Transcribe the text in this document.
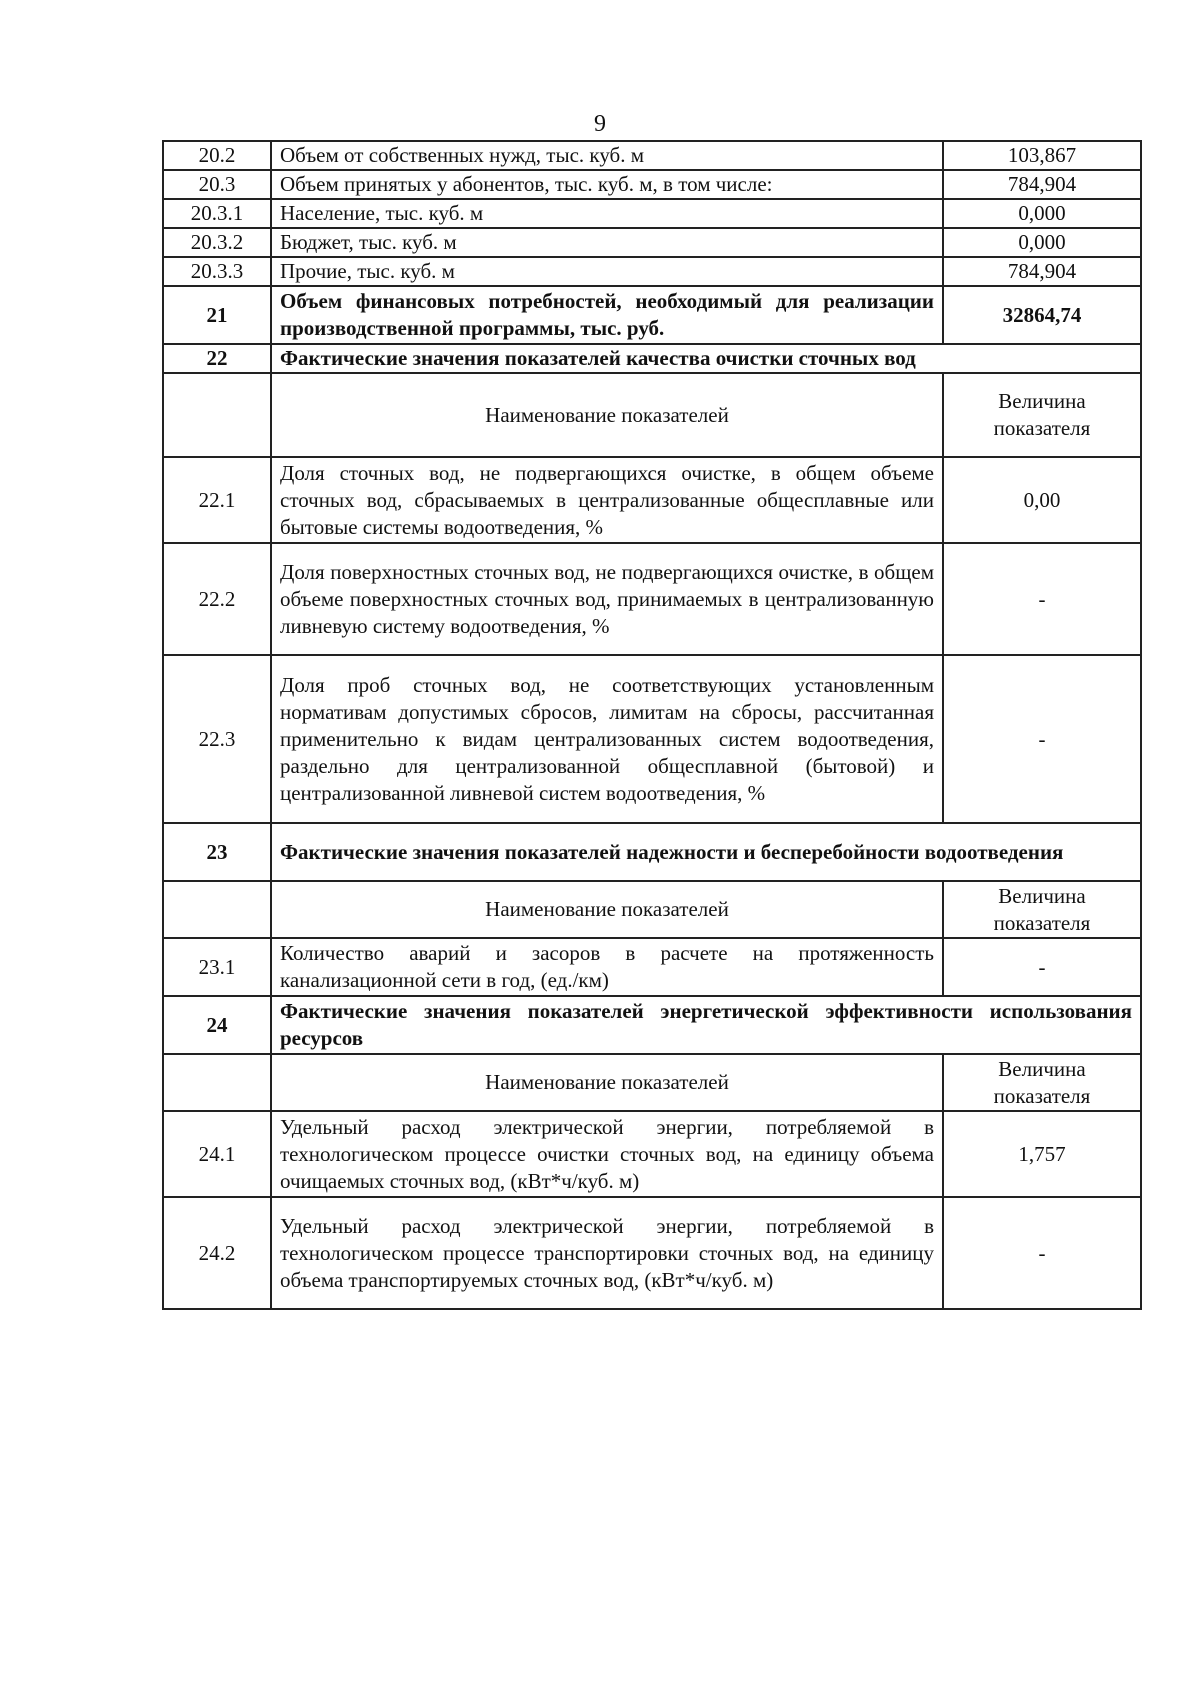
9
20.2	Объем от собственных нужд, тыс. куб. м	103,867
20.3	Объем принятых у абонентов, тыс. куб. м, в том числе:	784,904
20.3.1	Население, тыс. куб. м	0,000
20.3.2	Бюджет, тыс. куб. м	0,000
20.3.3	Прочие, тыс. куб. м	784,904
21	Объем финансовых потребностей, необходимый для реализации производственной программы, тыс. руб.	32864,74
22	Фактические значения показателей качества очистки сточных вод	
	Наименование показателей	Величина показателя
22.1	Доля сточных вод, не подвергающихся очистке, в общем объеме сточных вод, сбрасываемых в централизованные общесплавные или бытовые системы водоотведения, %	0,00
22.2	Доля поверхностных сточных вод, не подвергающихся очистке, в общем объеме поверхностных сточных вод, принимаемых в централизованную ливневую систему водоотведения, %	-
22.3	Доля проб сточных вод, не соответствующих установленным нормативам допустимых сбросов, лимитам на сбросы, рассчитанная применительно к видам централизованных систем водоотведения, раздельно для централизованной общесплавной (бытовой) и централизованной ливневой систем водоотведения, %	-
23	Фактические значения показателей надежности и бесперебойности водоотведения	
	Наименование показателей	Величина показателя
23.1	Количество аварий и засоров в расчете на протяженность канализационной сети в год, (ед./км)	-
24	Фактические значения показателей энергетической эффективности использования ресурсов	
	Наименование показателей	Величина показателя
24.1	Удельный расход электрической энергии, потребляемой в технологическом процессе очистки сточных вод, на единицу объема очищаемых сточных вод, (кВт*ч/куб. м)	1,757
24.2	Удельный расход электрической энергии, потребляемой в технологическом процессе транспортировки сточных вод, на единицу объема транспортируемых сточных вод, (кВт*ч/куб. м)	-
